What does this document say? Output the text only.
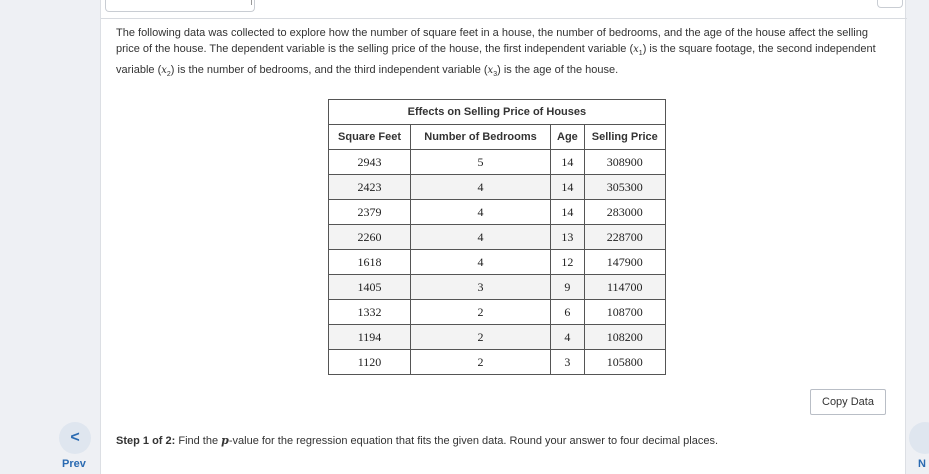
The following data was collected to explore how the number of square feet in a house, the number of bedrooms, and the age of the house affect the selling price of the house. The dependent variable is the selling price of the house, the first independent variable $(x_1)$ is the square footage, the second independent variable $(x_2)$ is the number of bedrooms, and the third independent variable $(x_3)$ is the age of the house.

Effects on Selling Price of Houses			
Square Feet	Number of Bedrooms	Age	Selling Price
2943	5	14	308900
2423	4	14	305300
2379	4	14	283000
2260	4	13	228700
1618	4	12	147900
1405	3	9	114700
1332	2	6	108700
1194	2	4	108200
1120	2	3	105800
Copy Data

Step 1 of 2: Find the p-value for the regression equation that fits the given data. Round your answer to four decimal places.

<
Prev	N
